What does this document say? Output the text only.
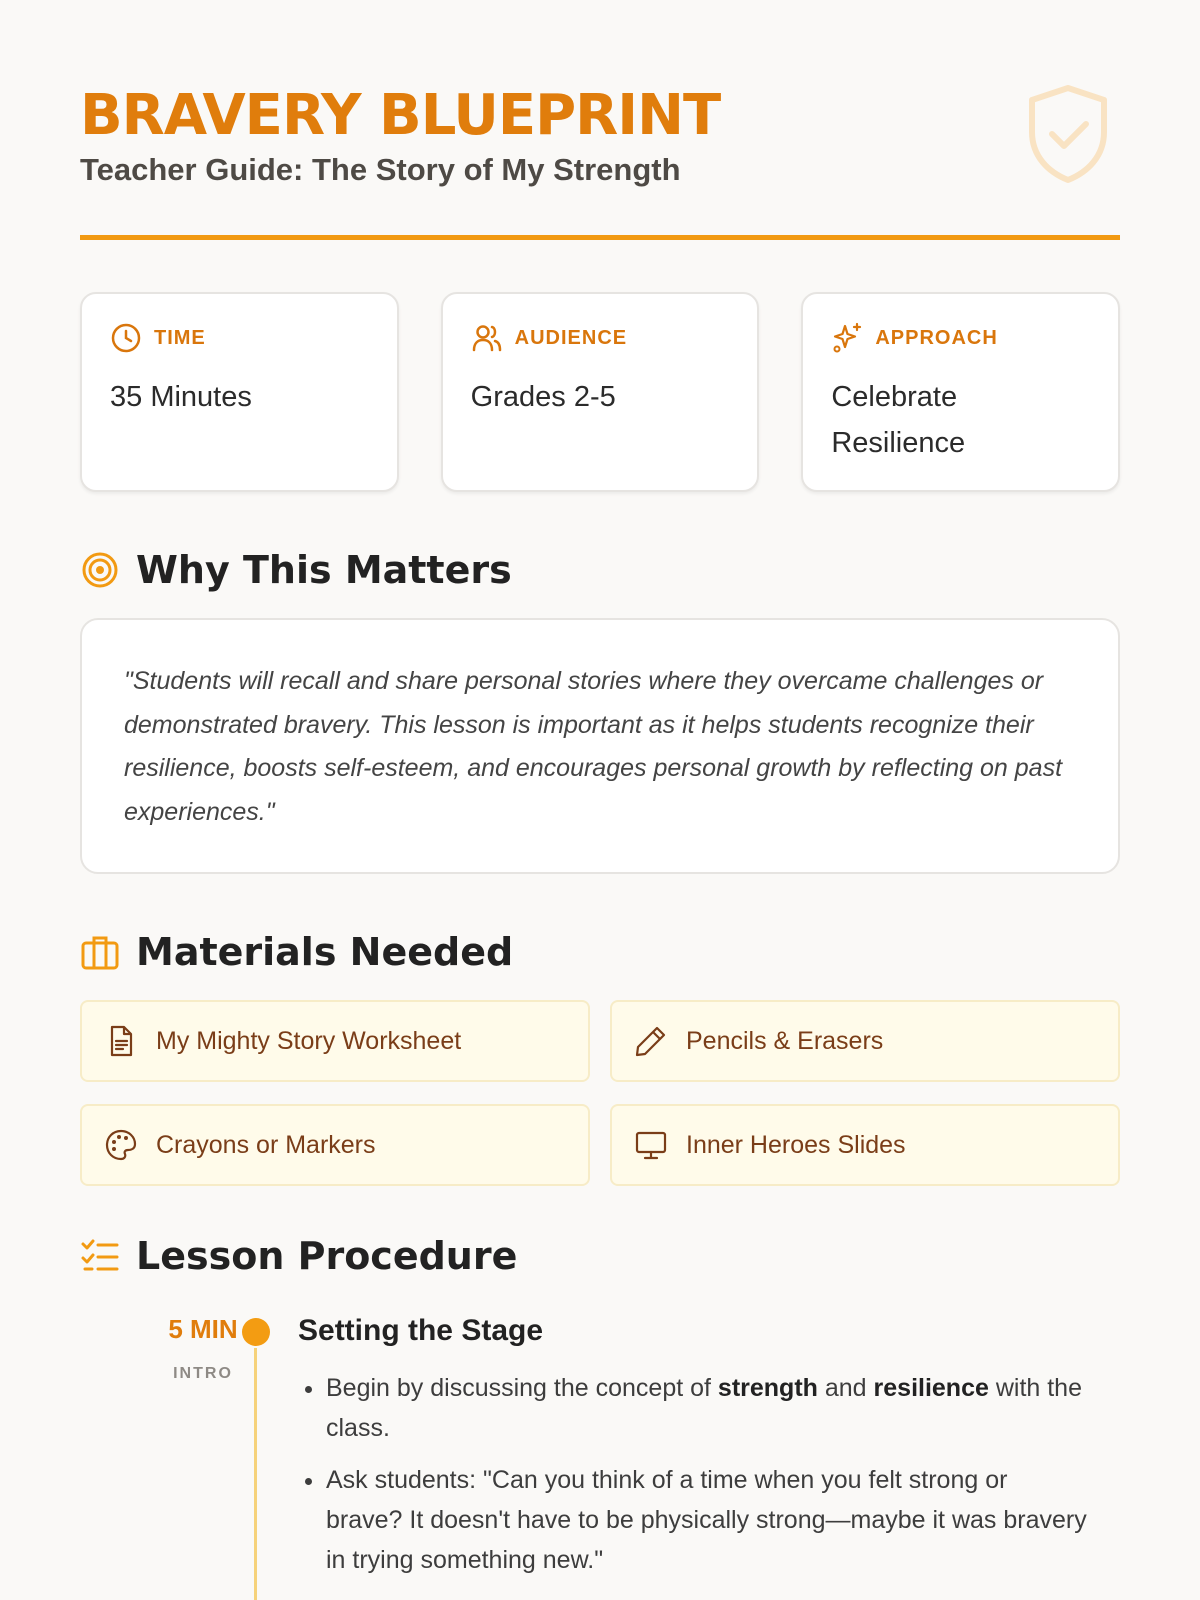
BRAVERY BLUEPRINT
Teacher Guide: The Story of My Strength
TIME
35 Minutes
AUDIENCE
Grades 2-5
APPROACH
Celebrate Resilience
Why This Matters

"Students will recall and share personal stories where they overcame challenges or demonstrated bravery. This lesson is important as it helps students recognize their resilience, boosts self-esteem, and encourages personal growth by reflecting on past experiences."

Materials Needed
My Mighty Story Worksheet	Pencils & Erasers
Crayons or Markers	Inner Heroes Slides
Lesson Procedure
5 MIN
INTRO
Setting the Stage
• Begin by discussing the concept of strength and resilience with the class.
• Ask students: "Can you think of a time when you felt strong or brave? It doesn't have to be physically strong—maybe it was bravery in trying something new."
